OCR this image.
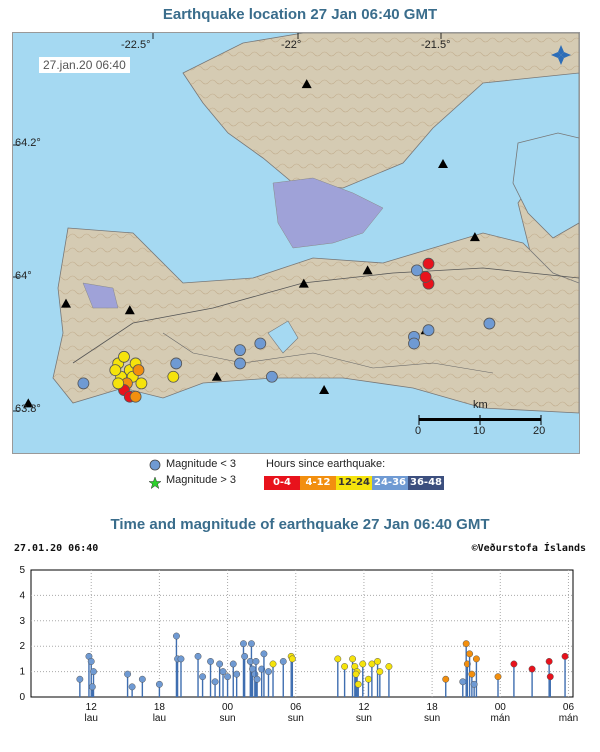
Earthquake location 27 Jan 06:40 GMT
27.jan.20 06:40
-22.5°	-22°	-21.5°
64.2°
64°
63.8°	km
0	10	20
Magnitude < 3
Magnitude > 3
Hours since earthquake:
0-4	4-12 12-24 24-36 36-48
Time and magnitude of earthquake 27 Jan 06:40 GMT
27.01.20 06:40	©Veðurstofa Íslands
0
1
2
3
4
5
12
lau
18
lau
00
sun
06
sun
12
sun
18
sun
00
mán
06
mán
